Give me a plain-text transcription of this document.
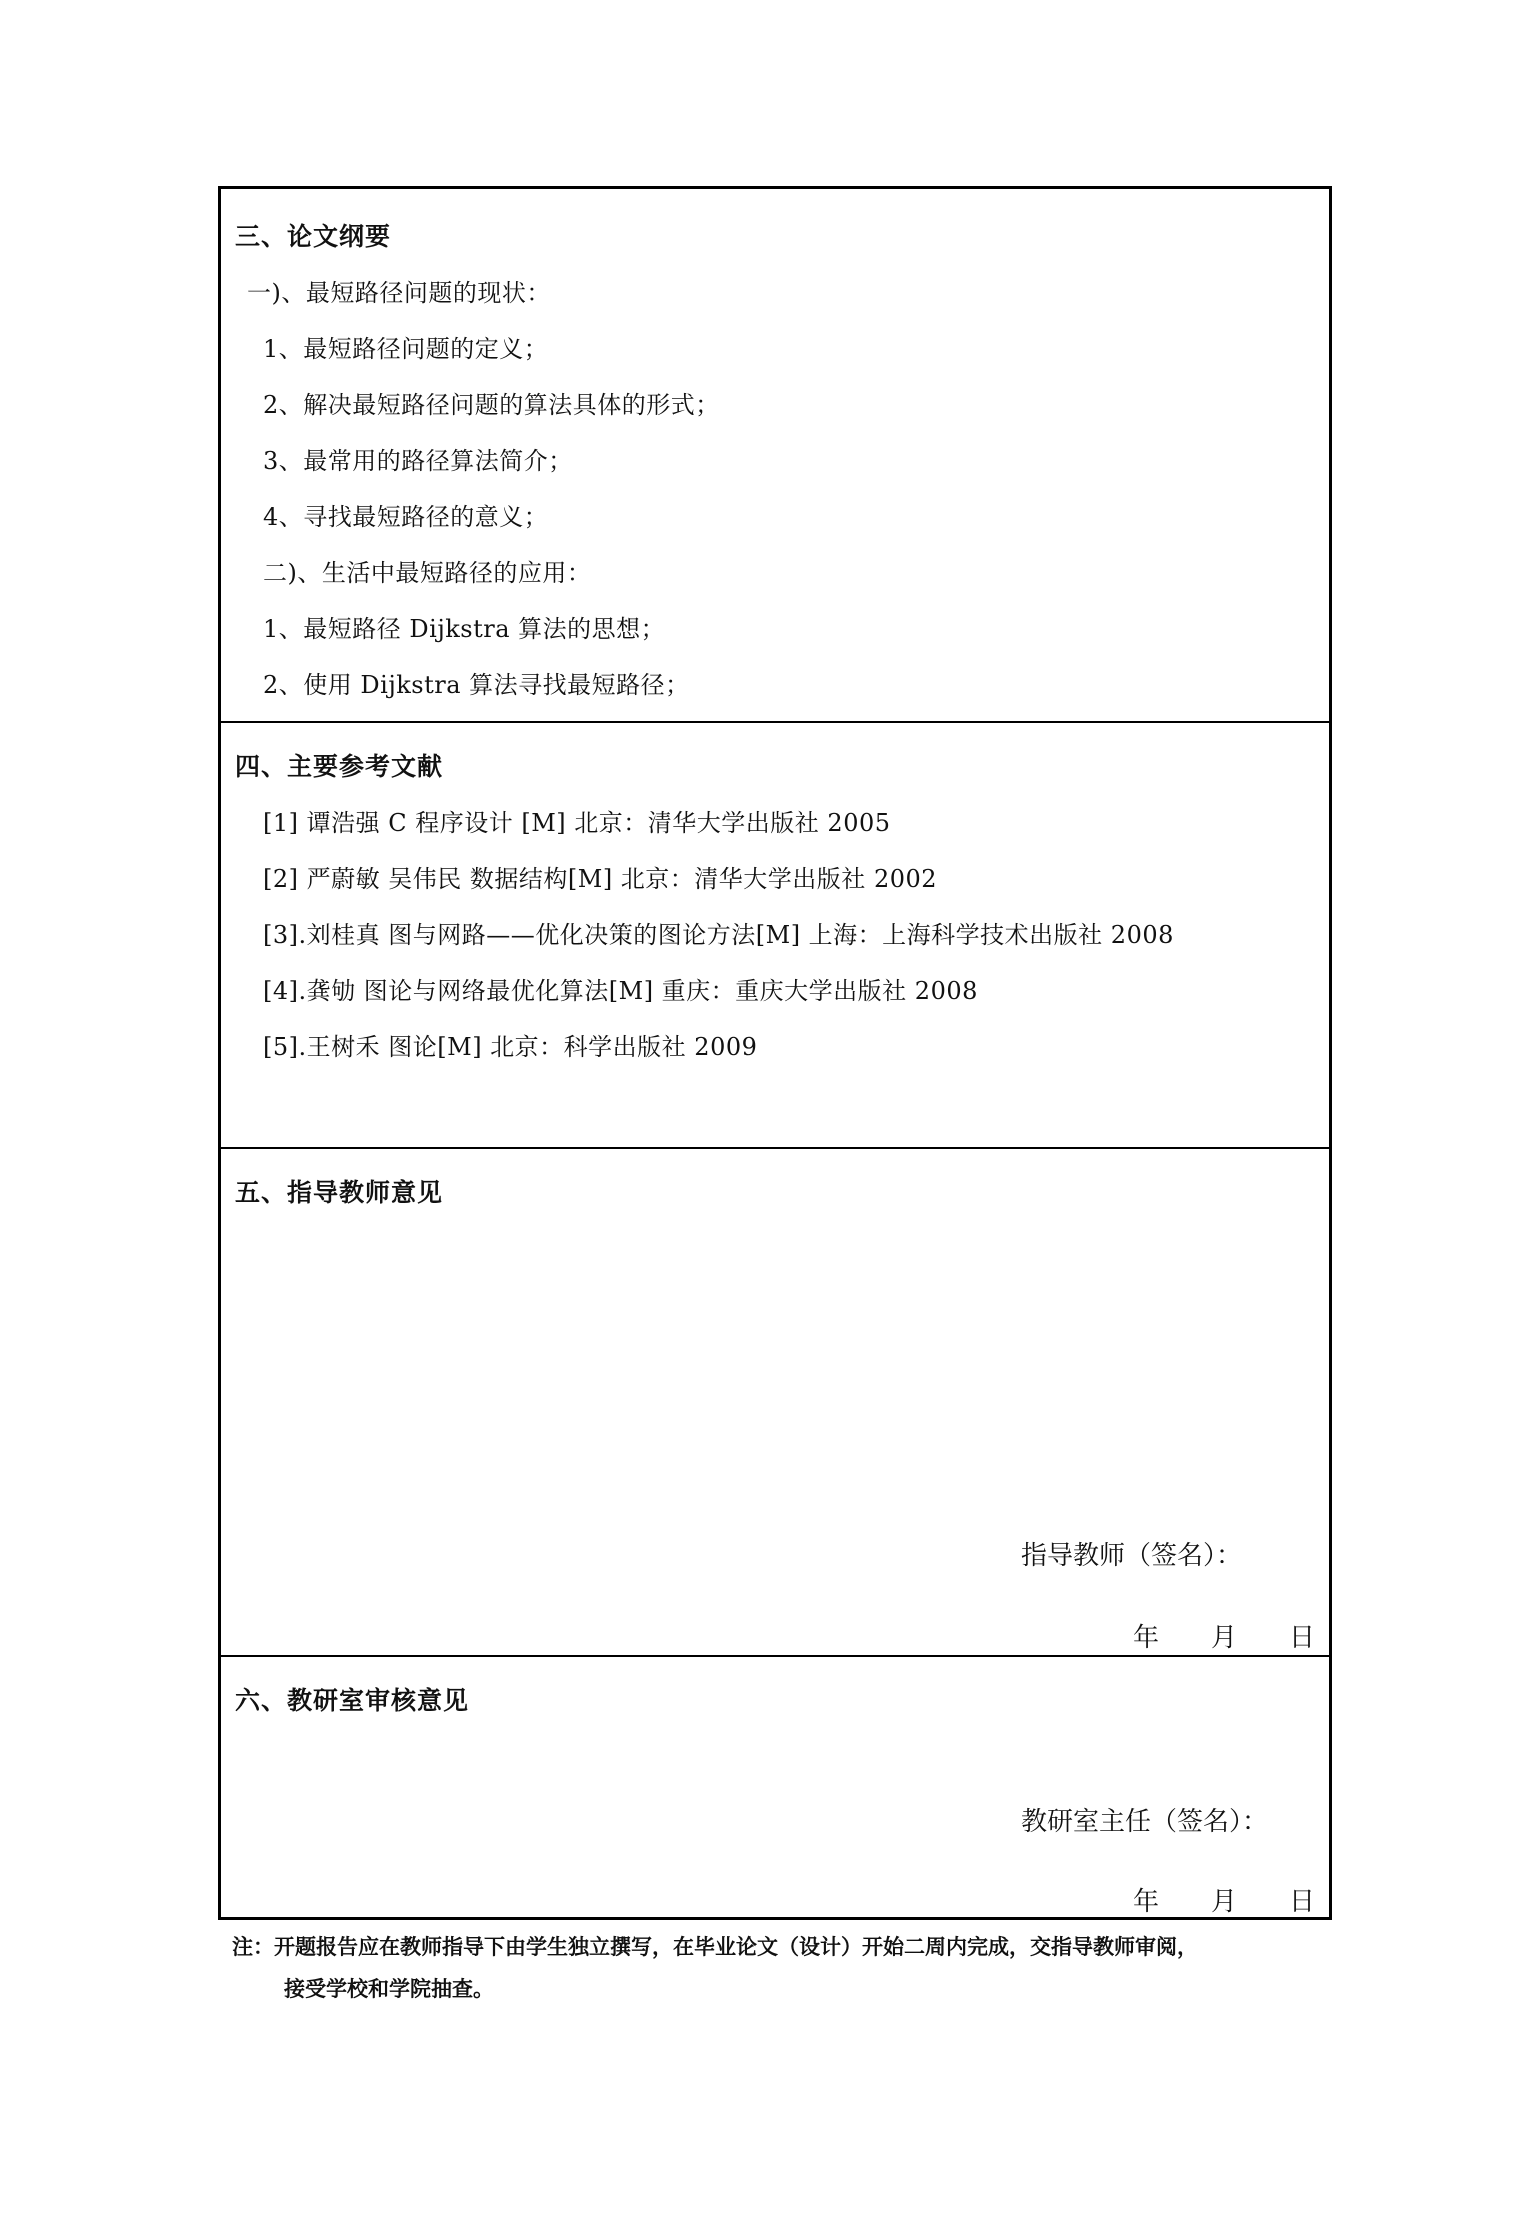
三、论文纲要
一)、最短路径问题的现状：
1、最短路径问题的定义；
2、解决最短路径问题的算法具体的形式；
3、最常用的路径算法简介；
4、寻找最短路径的意义；
二)、生活中最短路径的应用：
1、最短路径 Dijkstra 算法的思想；
2、使用 Dijkstra 算法寻找最短路径；
四、主要参考文献
[1] 谭浩强 C 程序设计 [M] 北京：清华大学出版社 2005
[2] 严蔚敏 吴伟民 数据结构[M] 北京：清华大学出版社 2002
[3].刘桂真 图与网路——优化决策的图论方法[M] 上海：上海科学技术出版社 2008
[4].龚劬 图论与网络最优化算法[M] 重庆：重庆大学出版社 2008
[5].王树禾 图论[M] 北京：科学出版社 2009
五、指导教师意见
指导教师（签名）：
年 月 日
六、教研室审核意见
教研室主任（签名）：
年 月 日
注：开题报告应在教师指导下由学生独立撰写，在毕业论文（设计）开始二周内完成，交指导教师审阅，
接受学校和学院抽查。
